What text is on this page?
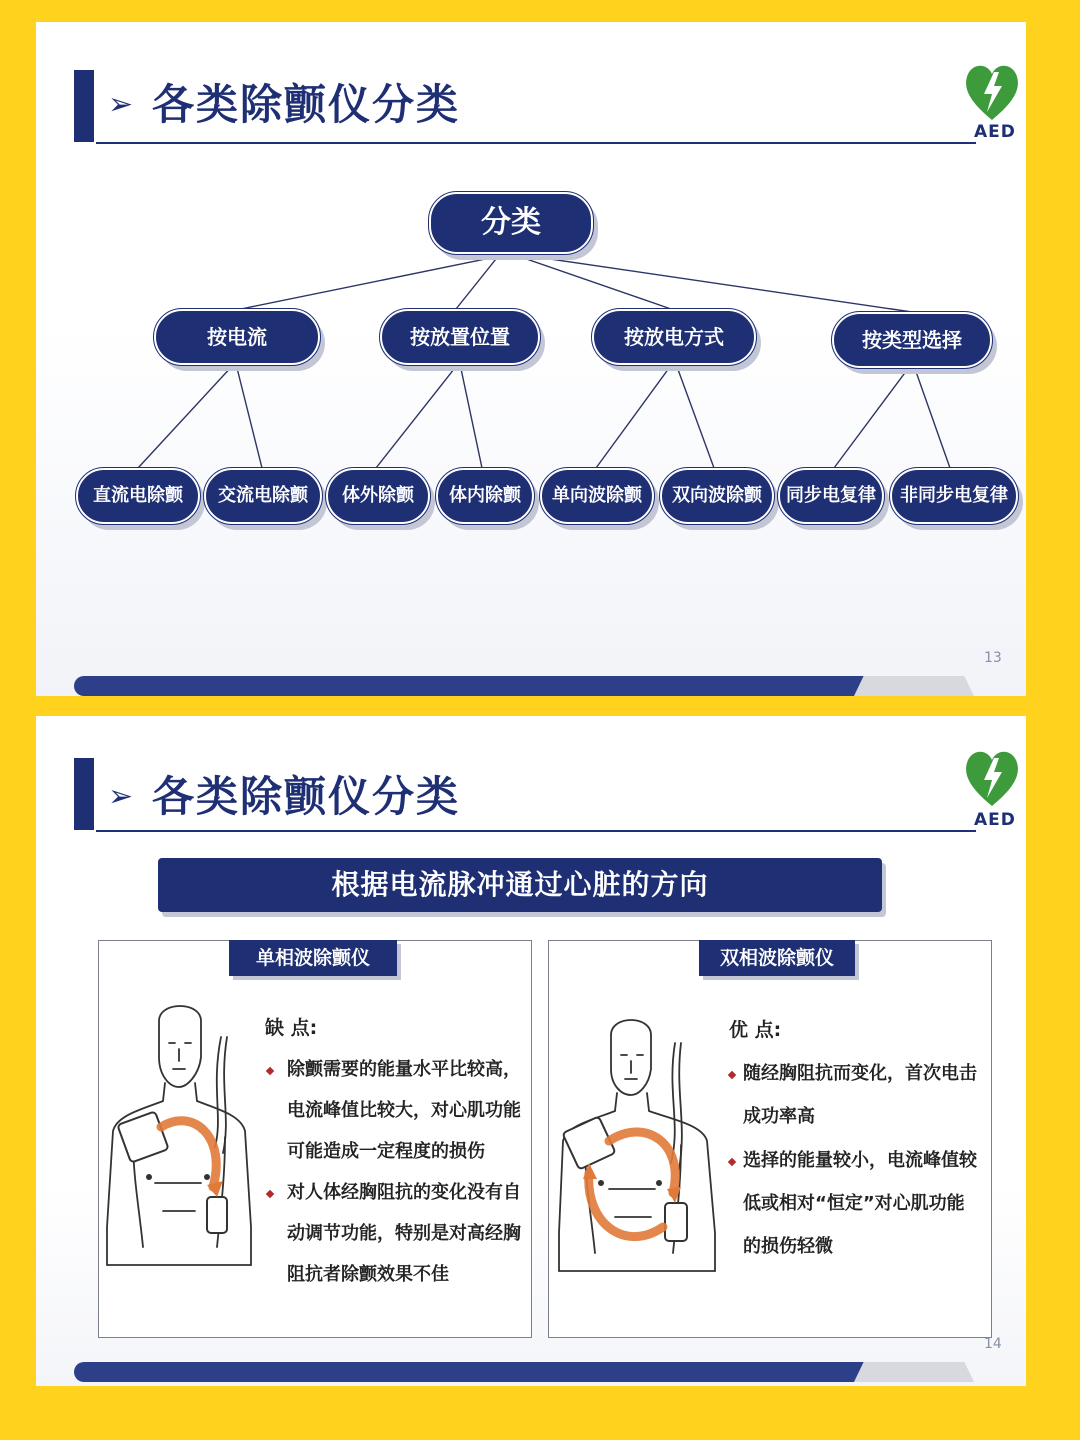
➢ 各类除颤仪分类
AED
分类
按电流	按放置位置	按放电方式	按类型选择
直流电除颤	交流电除颤	体外除颤	体内除颤	单向波除颤	双向波除颤	同步电复律	非同步电复律
13
➢ 各类除颤仪分类	AED
根据电流脉冲通过心脏的方向
单相波除颤仪
缺 点:
除颤需要的能量水平比较高，
电流峰值比较大，对心肌功能
可能造成一定程度的损伤
对人体经胸阻抗的变化没有自
动调节功能，特别是对高经胸
阻抗者除颤效果不佳
双相波除颤仪
优 点:
随经胸阻抗而变化，首次电击
成功率高
选择的能量较小，电流峰值较
低或相对“恒定”对心肌功能
的损伤轻微
14
